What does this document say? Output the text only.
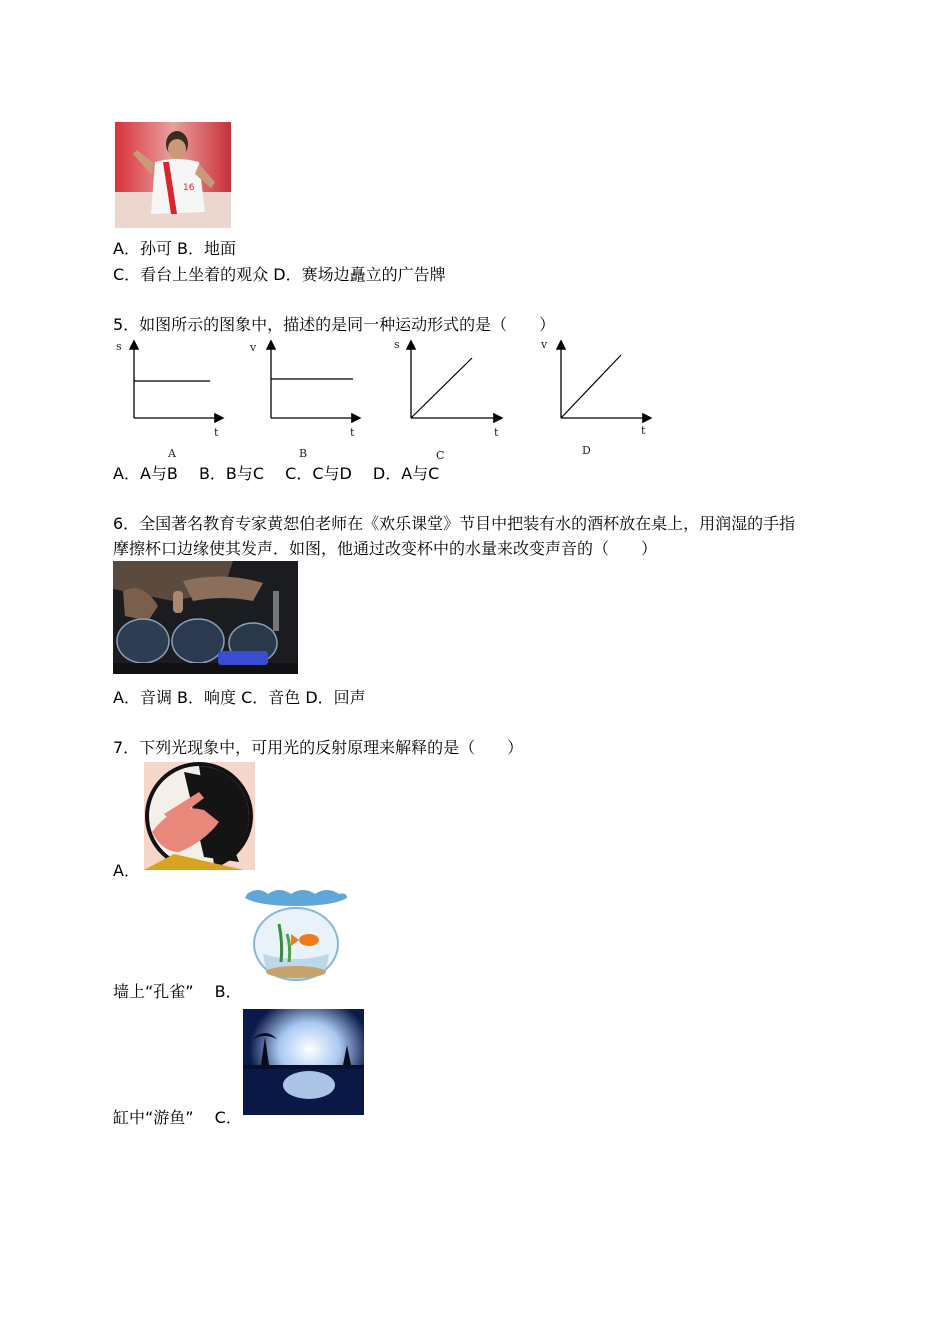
16
A．孙可 B．地面
C．看台上坐着的观众 D．赛场边矗立的广告牌
5．如图所示的图象中，描述的是同一种运动形式的是（　　）
s
t
A
v
t
B
s
t
C
v
t
D
A．A与B　 B．B与C　 C．C与D　 D．A与C
6．全国著名教育专家黄恕伯老师在《欢乐课堂》节目中把装有水的酒杯放在桌上，用润湿的手指
摩擦杯口边缘使其发声．如图，他通过改变杯中的水量来改变声音的（　　）
A．音调 B．响度 C．音色 D．回声
7．下列光现象中，可用光的反射原理来解释的是（　　）
A．
墙上“孔雀”　 B．
缸中“游鱼”　 C．
